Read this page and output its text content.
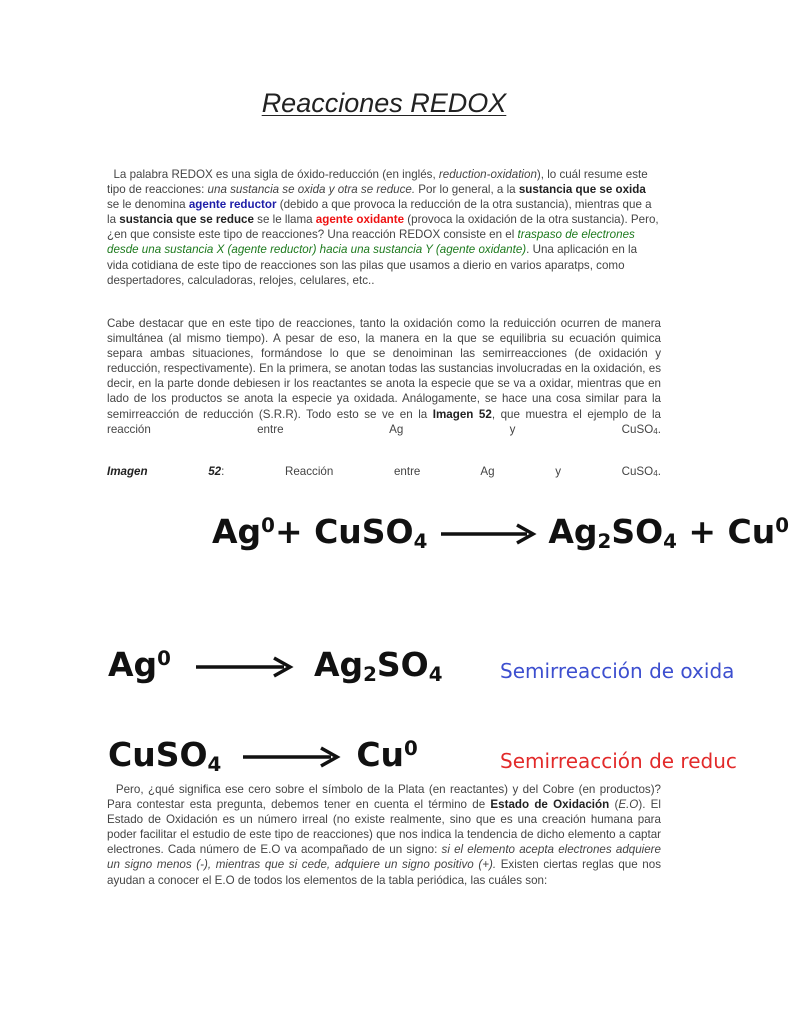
Reacciones REDOX

La palabra REDOX es una sigla de óxido-reducción (en inglés, reduction-oxidation), lo cuál resume este tipo de reacciones: una sustancia se oxida y otra se reduce. Por lo general, a la sustancia que se oxida se le denomina agente reductor (debido a que provoca la reducción de la otra sustancia), mientras que a la sustancia que se reduce se le llama agente oxidante (provoca la oxidación de la otra sustancia). Pero, ¿en que consiste este tipo de reacciones? Una reacción REDOX consiste en el traspaso de electrones desde una sustancia X (agente reductor) hacia una sustancia Y (agente oxidante). Una aplicación en la vida cotidiana de este tipo de reacciones son las pilas que usamos a dierio en varios aparatps, como despertadores, calculadoras, relojes, celulares, etc..

Cabe destacar que en este tipo de reacciones, tanto la oxidación como la reduicción ocurren de manera simultánea (al mismo tiempo). A pesar de eso, la manera en la que se equilibria su ecuación quimica separa ambas situaciones, formándose lo que se denoiminan las semirreacciones (de oxidación y reducción, respectivamente). En la primera, se anotan todas las sustancias involucradas en la oxidación, es decir, en la parte donde debiesen ir los reactantes se anota la especie que se va a oxidar, mientras que en lado de los productos se anota la especie ya oxidada. Análogamente, se hace una cosa similar para la semirreacción de reducción (S.R.R). Todo esto se ve en la Imagen 52, que muestra el ejemplo de la reacción entre Ag y CuSO$_4$.

Imagen	52:	Reacción	entre	Ag	y	CuSO$_4$.
$Ag^0+$ CuSO$_4$ → $Ag_2SO_4 + Cu^0$
$Ag^0 \to Ag_2SO_4$	Semirreacción de oxida
CuSO$_4$ → $Cu^0$
Semirreacción de reduc

Pero, ¿qué significa ese cero sobre el símbolo de la Plata (en reactantes) y del Cobre (en productos)? Para contestar esta pregunta, debemos tener en cuenta el término de Estado de Oxidación (E.O). El Estado de Oxidación es un número irreal (no existe realmente, sino que es una creación humana para poder facilitar el estudio de este tipo de reacciones) que nos indica la tendencia de dicho elemento a captar electrones. Cada número de E.O va acompañado de un signo: si el elemento acepta electrones adquiere un signo menos (-), mientras que si cede, adquiere un signo positivo (+). Existen ciertas reglas que nos ayudan a conocer el E.O de todos los elementos de la tabla periódica, las cuáles son:
